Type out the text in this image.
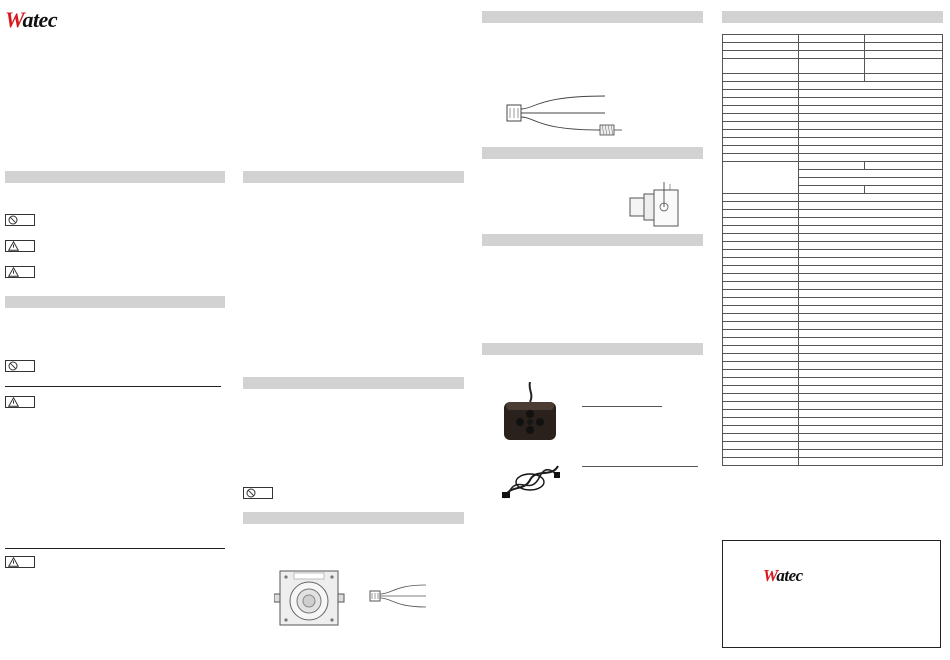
Watec

Watec
